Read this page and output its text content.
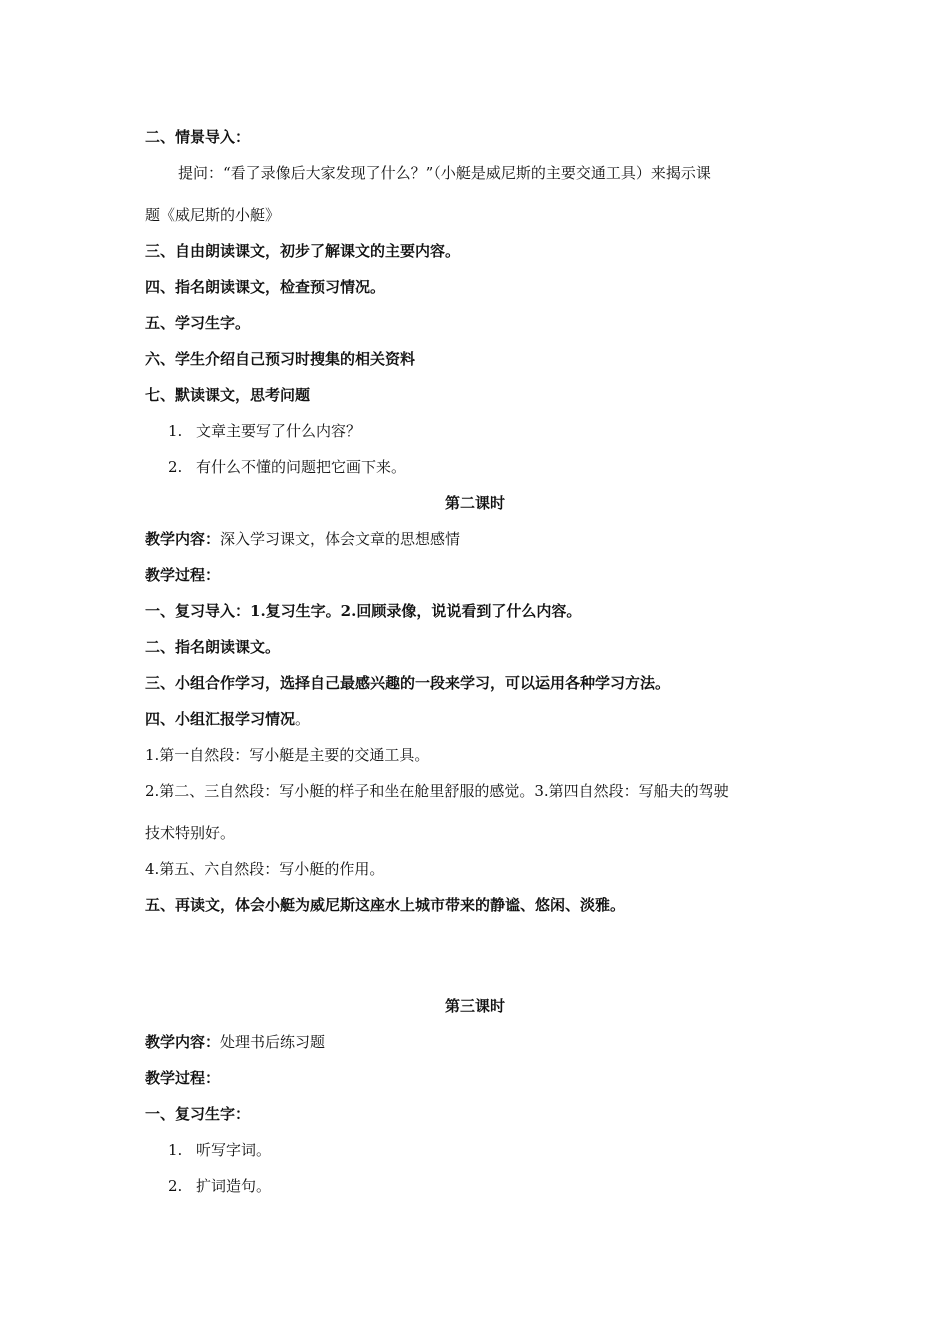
二、情景导入：
提问：“看了录像后大家发现了什么？”（小艇是威尼斯的主要交通工具）来揭示课
题《威尼斯的小艇》
三、自由朗读课文，初步了解课文的主要内容。
四、指名朗读课文，检查预习情况。
五、学习生字。
六、学生介绍自己预习时搜集的相关资料
七、默读课文，思考问题
1. 文章主要写了什么内容？
2. 有什么不懂的问题把它画下来。
第二课时
教学内容：深入学习课文，体会文章的思想感情
教学过程：
一、复习导入：1.复习生字。2.回顾录像，说说看到了什么内容。
二、指名朗读课文。
三、小组合作学习，选择自己最感兴趣的一段来学习，可以运用各种学习方法。
四、小组汇报学习情况。
1.第一自然段：写小艇是主要的交通工具。
2.第二、三自然段：写小艇的样子和坐在舱里舒服的感觉。3.第四自然段：写船夫的驾驶
技术特别好。
4.第五、六自然段：写小艇的作用。
五、再读文，体会小艇为威尼斯这座水上城市带来的静谧、悠闲、淡雅。
第三课时
教学内容：处理书后练习题
教学过程：
一、复习生字：
1. 听写字词。
2. 扩词造句。
